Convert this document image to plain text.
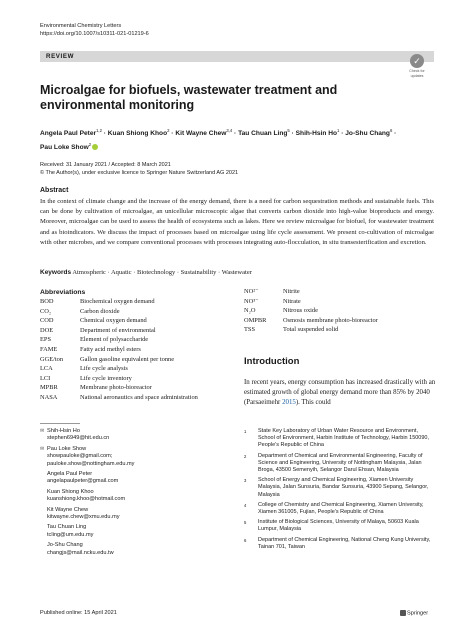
Environmental Chemistry Letters
https://doi.org/10.1007/s10311-021-01219-6
REVIEW	✓
Check for
updates
Microalgae for biofuels, wastewater treatment and environmental monitoring
Angela Paul Peter$^{1,2}$ · Kuan Shiong Khoo$^2$ · Kit Wayne Chew$^{3,4}$ · Tau Chuan Ling$^5$ · Shih-Hsin $Ho^1 \cdot Jo-Shu$ Chang$^6$ ·
Pau Loke Show$^2$
Received: 31 January 2021 / Accepted: 8 March 2021
© The Author(s), under exclusive licence to Springer Nature Switzerland AG 2021
Abstract
In the context of climate change and the increase of the energy demand, there is a need for carbon sequestration methods and sustainable fuels. This can be done by cultivation of microalgae, an unicellular microscopic algae that converts carbon dioxide into high-value bioproducts and energy. Moreover, microalgae can be used to assess the health of ecosystems such as lakes. Here we review microalgae for biofuel, for wastewater treatment and as bioindicators. We discuss the impact of processes based on microalgae using life cycle assessment. We present co-cultivation of microalgae with other microbes, and we compare conventional processes with processes integrating auto-flocculation, in situ transesterification and excretion.
Keywords Atmospheric · Aquatic · Biotechnology · Sustainability · Wastewater
Abbreviations
BOD	Biochemical oxygen demand
CO₂	Carbon dioxide
COD	Chemical oxygen demand
DOE	Department of environmental
EPS	Element of polysaccharide
FAME	Fatty acid methyl esters
GGE/ton	Gallon gasoline equivalent per tonne
LCA	Life cycle analysis
LCI	Life cycle inventory
MPBR	Membrane photo-bioreactor
NASA	National aeronautics and space administration
NO²⁻	Nitrite
NO³⁻	Nitrate
N₂O	Nitrous oxide
OMPBR	Osmosis membrane photo-bioreactor
TSS	Total suspended solid
Introduction
In recent years, energy consumption has increased drastically with an estimated growth of global energy demand more than 85% by 2040 (Parsaeimehr 2015). This could
✉ Shih-Hsin Ho
stephen6949@hit.edu.cn
✉ Pau Loke Show
showpauloke@gmail.com; pauloke.show@nottingham.edu.my
Angela Paul Peter
angelapaulpeter@gmail.com
Kuan Shiong Khoo
kuanshiong.khoo@hotmail.com
Kit Wayne Chew
kitwayne.chew@xmu.edu.my
Tau Chuan Ling
tcling@um.edu.my
Jo-Shu Chang
changjs@mail.ncku.edu.tw
1	State Key Laboratory of Urban Water Resource and Environment, School of Environment, Harbin Institute of Technology, Harbin 150090, People’s Republic of China
2	Department of Chemical and Environmental Engineering, Faculty of Science and Engineering, University of Nottingham Malaysia, Jalan Broga, 43500 Semenyih, Selangor Darul Ehsan, Malaysia
3	School of Energy and Chemical Engineering, Xiamen University Malaysia, Jalan Sunsuria, Bandar Sunsuria, 43900 Sepang, Selangor, Malaysia
4	College of Chemistry and Chemical Engineering, Xiamen University, Xiamen 361005, Fujian, People’s Republic of China
5	Institute of Biological Sciences, University of Malaya, 50603 Kuala Lumpur, Malaysia
6	Department of Chemical Engineering, National Cheng Kung University, Tainan 701, Taiwan
Published online: 15 April 2021	Springer
